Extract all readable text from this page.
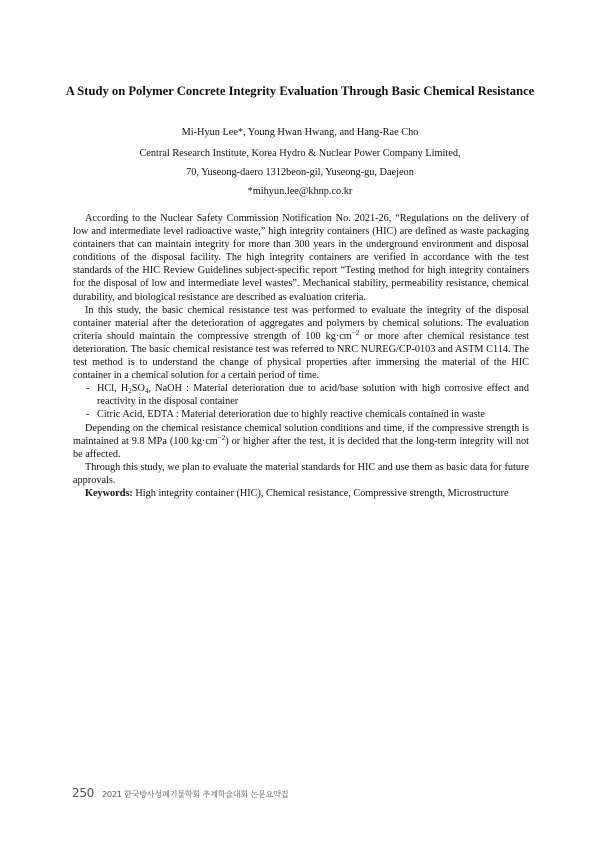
A Study on Polymer Concrete Integrity Evaluation Through Basic Chemical Resistance
Mi-Hyun Lee*, Young Hwan Hwang, and Hang-Rae Cho
Central Research Institute, Korea Hydro & Nuclear Power Company Limited,
70, Yuseong-daero 1312beon-gil, Yuseong-gu, Daejeon
*mihyun.lee@khnp.co.kr

According to the Nuclear Safety Commission Notification No. 2021-26, “Regulations on the delivery of low and intermediate level radioactive waste,” high integrity containers (HIC) are defined as waste packaging containers that can maintain integrity for more than 300 years in the underground environment and disposal conditions of the disposal facility. The high integrity containers are verified in accordance with the test standards of the HIC Review Guidelines subject-specific report “Testing method for high integrity containers for the disposal of low and intermediate level wastes”. Mechanical stability, permeability resistance, chemical durability, and biological resistance are described as evaluation criteria.

In this study, the basic chemical resistance test was performed to evaluate the integrity of the disposal container material after the deterioration of aggregates and polymers by chemical solutions. The evaluation criteria should maintain the compressive strength of 100 $kg\cdot cm^{-2}$ or more after chemical resistance test deterioration. The basic chemical resistance test was referred to NRC NUREG/CP-0103 and ASTM C114. The test method is to understand the change of physical properties after immersing the material of the HIC container in a chemical solution for a certain period of time.

- HCl, $H_2SO_4$, NaOH : Material deterioration due to acid/base solution with high corrosive effect and reactivity in the disposal container

- Citric Acid, EDTA : Material deterioration due to highly reactive chemicals contained in waste

Depending on the chemical resistance chemical solution conditions and time, if the compressive strength is maintained at 9.8 MPa (100 $kg\cdot cm^{-2}$) or higher after the test, it is decided that the long-term integrity will not be affected.

Through this study, we plan to evaluate the material standards for HIC and use them as basic data for future approvals.

Keywords: High integrity container (HIC), Chemical resistance, Compressive strength, Microstructure

250 2021 한국방사성폐기물학회 추계학술대회 논문요약집
